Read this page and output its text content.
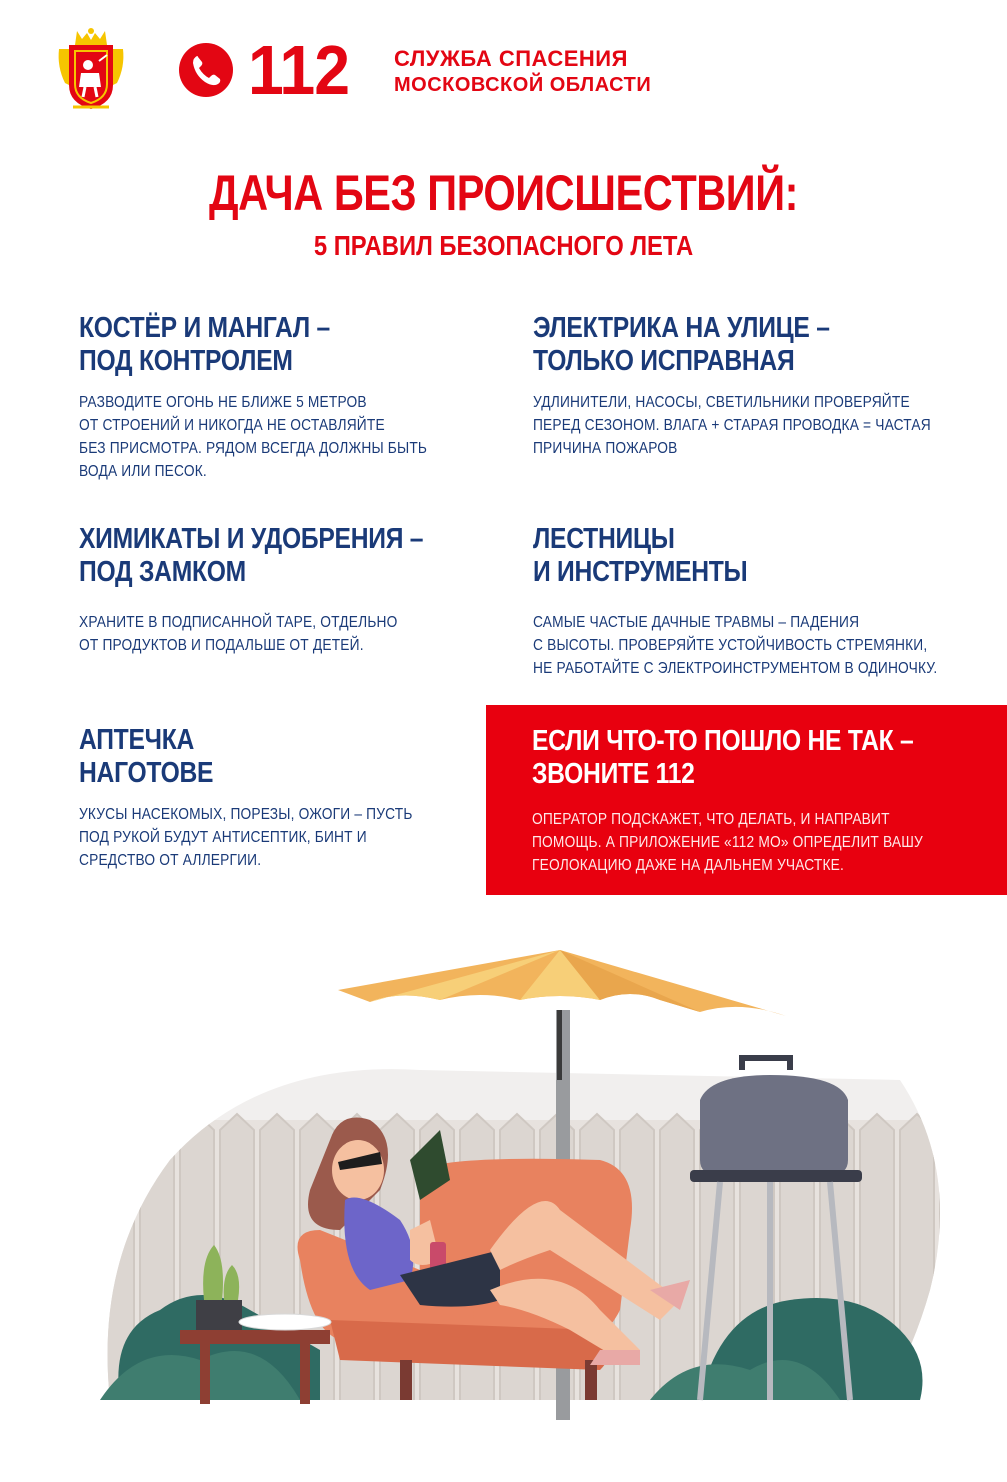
112 СЛУЖБА СПАСЕНИЯ
МОСКОВСКОЙ ОБЛАСТИ
ДАЧА БЕЗ ПРОИСШЕСТВИЙ:
5 ПРАВИЛ БЕЗОПАСНОГО ЛЕТА
КОСТЁР И МАНГАЛ –
ПОД КОНТРОЛЕМ

РАЗВОДИТЕ ОГОНЬ НЕ БЛИЖЕ 5 МЕТРОВ
ОТ СТРОЕНИЙ И НИКОГДА НЕ ОСТАВЛЯЙТЕ
БЕЗ ПРИСМОТРА. РЯДОМ ВСЕГДА ДОЛЖНЫ БЫТЬ
ВОДА ИЛИ ПЕСОК.

ЭЛЕКТРИКА НА УЛИЦЕ –
ТОЛЬКО ИСПРАВНАЯ

УДЛИНИТЕЛИ, НАСОСЫ, СВЕТИЛЬНИКИ ПРОВЕРЯЙТЕ
ПЕРЕД СЕЗОНОМ. ВЛАГА + СТАРАЯ ПРОВОДКА = ЧАСТАЯ
ПРИЧИНА ПОЖАРОВ

ХИМИКАТЫ И УДОБРЕНИЯ –
ПОД ЗАМКОМ

ХРАНИТЕ В ПОДПИСАННОЙ ТАРЕ, ОТДЕЛЬНО
ОТ ПРОДУКТОВ И ПОДАЛЬШЕ ОТ ДЕТЕЙ.

ЛЕСТНИЦЫ
И ИНСТРУМЕНТЫ

САМЫЕ ЧАСТЫЕ ДАЧНЫЕ ТРАВМЫ – ПАДЕНИЯ
С ВЫСОТЫ. ПРОВЕРЯЙТЕ УСТОЙЧИВОСТЬ СТРЕМЯНКИ,
НЕ РАБОТАЙТЕ С ЭЛЕКТРОИНСТРУМЕНТОМ В ОДИНОЧКУ.

АПТЕЧКА
НАГОТОВЕ

УКУСЫ НАСЕКОМЫХ, ПОРЕЗЫ, ОЖОГИ – ПУСТЬ
ПОД РУКОЙ БУДУТ АНТИСЕПТИК, БИНТ И
СРЕДСТВО ОТ АЛЛЕРГИИ.

ЕСЛИ ЧТО-ТО ПОШЛО НЕ ТАК –
ЗВОНИТЕ 112

ОПЕРАТОР ПОДСКАЖЕТ, ЧТО ДЕЛАТЬ, И НАПРАВИТ
ПОМОЩЬ. А ПРИЛОЖЕНИЕ «112 МО» ОПРЕДЕЛИТ ВАШУ
ГЕОЛОКАЦИЮ ДАЖЕ НА ДАЛЬНЕМ УЧАСТКЕ.
